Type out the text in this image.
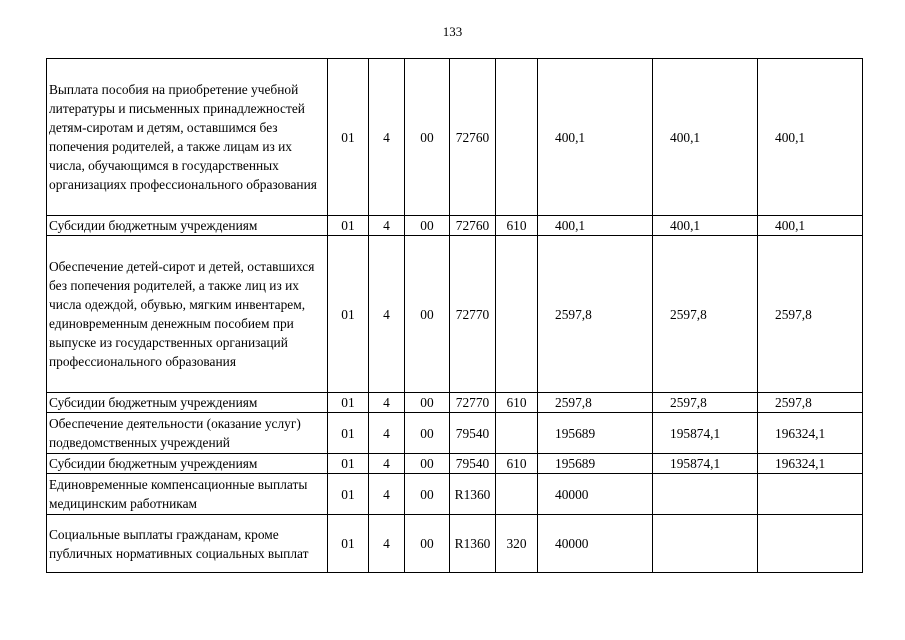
133
Выплата пособия на приобретение учебной литературы и письменных принадлежностей детям-сиротам и детям, оставшимся без попечения родителей, а также лицам из их числа, обучающимся в государственных организациях профессионального образования	01	4	00	72760		400,1	400,1	400,1
Субсидии бюджетным учреждениям	01	4	00	72760	610	400,1	400,1	400,1
Обеспечение детей-сирот и детей, оставшихся без попечения родителей, а также лиц из их числа одеждой, обувью, мягким инвентарем, единовременным денежным пособием при выпуске из государственных организаций профессионального образования	01	4	00	72770		2597,8	2597,8	2597,8
Субсидии бюджетным учреждениям	01	4	00	72770	610	2597,8	2597,8	2597,8
Обеспечение деятельности (оказание услуг) подведомственных учреждений	01	4	00	79540		195689	195874,1	196324,1
Субсидии бюджетным учреждениям	01	4	00	79540	610	195689	195874,1	196324,1
Единовременные компенсационные выплаты медицинским работникам	01	4	00	R1360		40000		
Социальные выплаты гражданам, кроме публичных нормативных социальных выплат	01	4	00	R1360	320	40000		
